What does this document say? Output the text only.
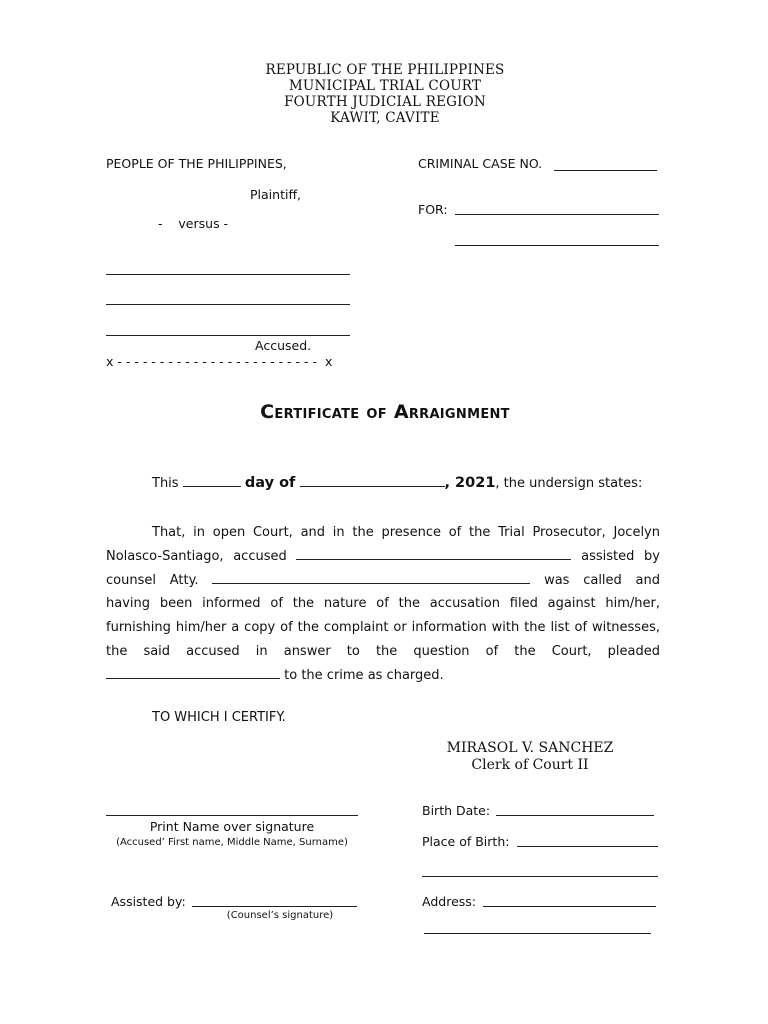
REPUBLIC OF THE PHILIPPINES
MUNICIPAL TRIAL COURT
FOURTH JUDICIAL REGION
KAWIT, CAVITE
PEOPLE OF THE PHILIPPINES,
Plaintiff,
-    versus -
Accused.
x - - - - - - - - - - - - - - - - - - - - - - - -  x
CRIMINAL CASE NO.
FOR:
Certificate of Arraignment
This	day of	, 2021, the undersign states:
That, in open Court, and in the presence of the Trial Prosecutor, Jocelyn Nolasco-Santiago, accused	assisted by counsel Atty.	was called and having been informed of the nature of the accusation filed against him/her, furnishing him/her a copy of the complaint or information with the list of witnesses, the said accused in answer to the question of the Court, pleaded  to the crime as charged.
TO WHICH I CERTIFY.
MIRASOL V. SANCHEZ
Clerk of Court II
Print Name over signature
(Accused’ First name, Middle Name, Surname)
Assisted by:
(Counsel’s signature)
Birth Date:
Place of Birth:
Address:
